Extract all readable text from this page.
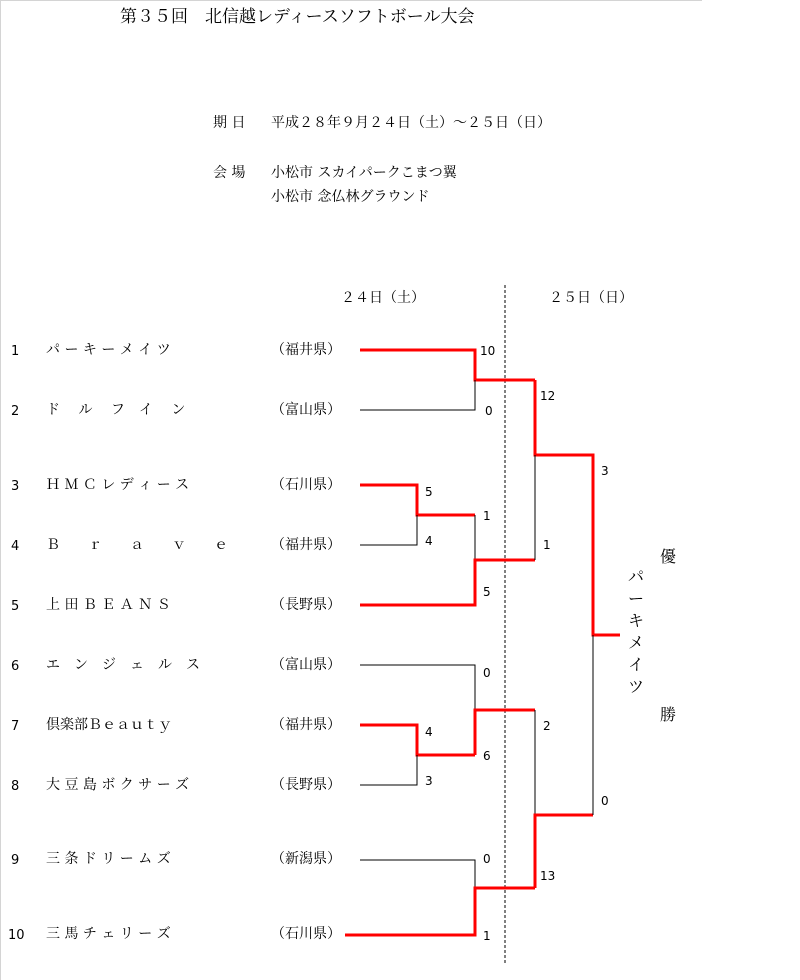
第３５回　北信越レディースソフトボール大会
期 日 平成２８年９月２４日（土）～２５日（日）
会 場 小松市 スカイパークこまつ翼
小松市 念仏林グラウンド
２４日（土）	２５日（日）
1 パ ー キ ー メ イ ツ	（福井県）
2 ド　 ル　 フ　イ　 ン	（富山県）
3 Ｈ Ｍ Ｃ レ デ ィ ー ス	（石川県）
4 Ｂ　　ｒ　　ａ　　ｖ　　ｅ	（福井県）
5 上 田 Ｂ Ｅ Ａ Ｎ Ｓ	（長野県）
6 エ　ン　ジ　ェ　ル　ス	（富山県）
7 倶楽部Ｂｅａｕｔｙ	（福井県）
8 大 豆 島 ボ ク サ ー ズ	（長野県）
9 三 条 ド リ ー ム ズ	（新潟県）
10 三 馬 チ ェ リ ー ズ	（石川県）
10
0
5
4
1
5
0
4
3
6
0
1
12
1
2
13
3
0
パーキメイツ
優
勝
